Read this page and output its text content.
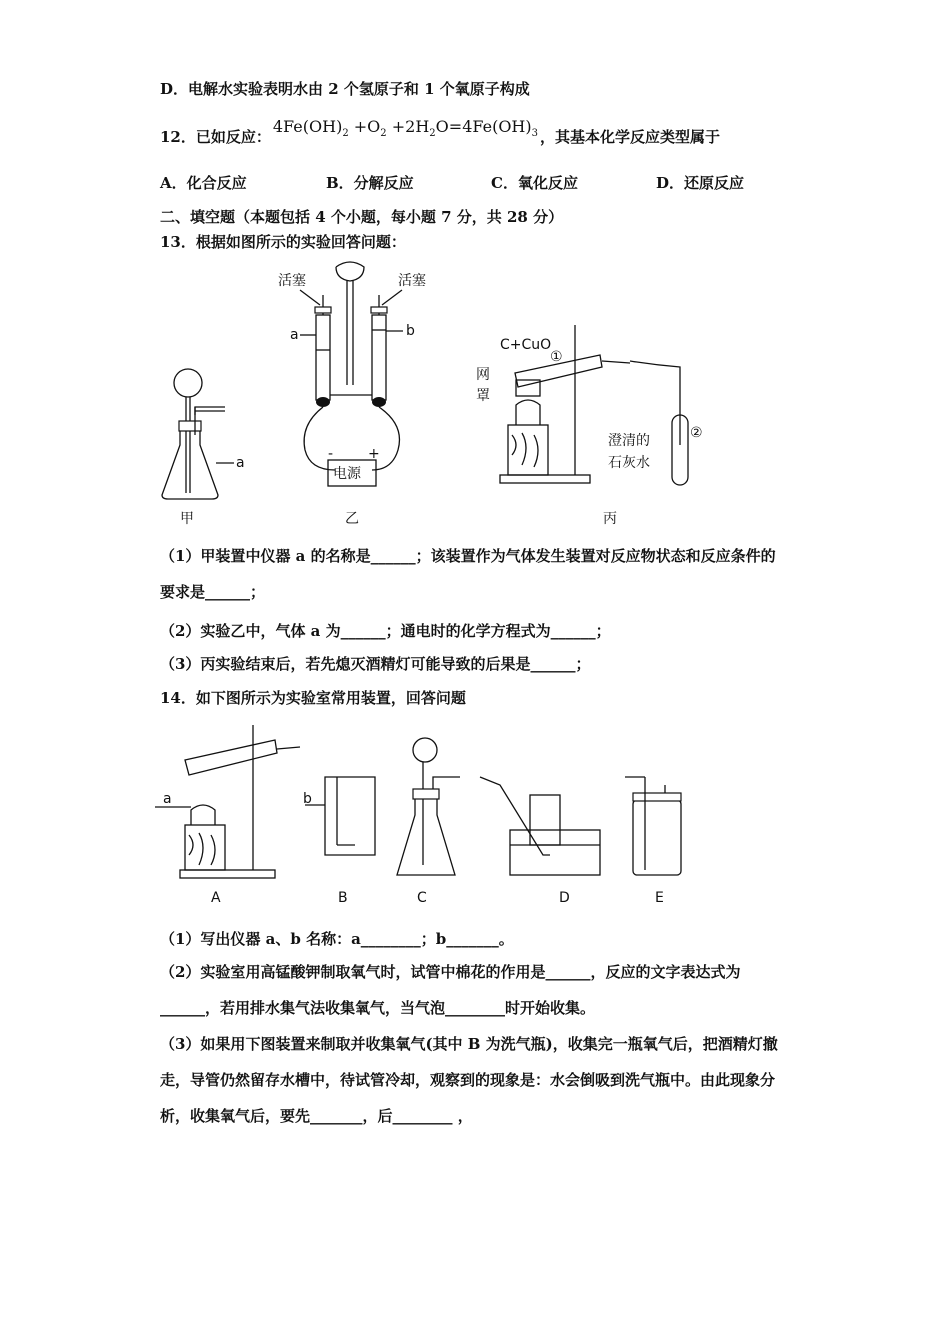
D．电解水实验表明水由 2 个氢原子和 1 个氧原子构成
12．已如反应：$4Fe(OH)_2 +O_2 +2H_2O=4Fe(OH)_3$ ，其基本化学反应类型属于
A．化合反应	B．分解反应	C．氧化反应	D．还原反应
二、填空题（本题包括 4 个小题，每小题 7 分，共 28 分）
13．根据如图所示的实验回答问题：
a
甲
电源
- +
活塞	活塞
a	b
乙
C+CuO
①
②
网
罩
澄清的
石灰水
丙
（1）甲装置中仪器 a 的名称是______；该装置作为气体发生装置对反应物状态和反应条件的要求是______；
（2）实验乙中，气体 a 为______；通电时的化学方程式为______；
（3）丙实验结束后，若先熄灭酒精灯可能导致的后果是______；
14．如下图所示为实验室常用装置，回答问题
a
A
b
B	C	D	E
（1）写出仪器 a、b 名称：a________；b_______。
（2）实验室用高锰酸钾制取氧气时，试管中棉花的作用是______，反应的文字表达式为______，若用排水集气法收集氧气，当气泡________时开始收集。
（3）如果用下图装置来制取并收集氧气(其中 B 为洗气瓶)，收集完一瓶氧气后，把酒精灯撤走，导管仍然留存水槽中，待试管冷却，观察到的现象是：水会倒吸到洗气瓶中。由此现象分析，收集氧气后，要先_______，后________ ，
